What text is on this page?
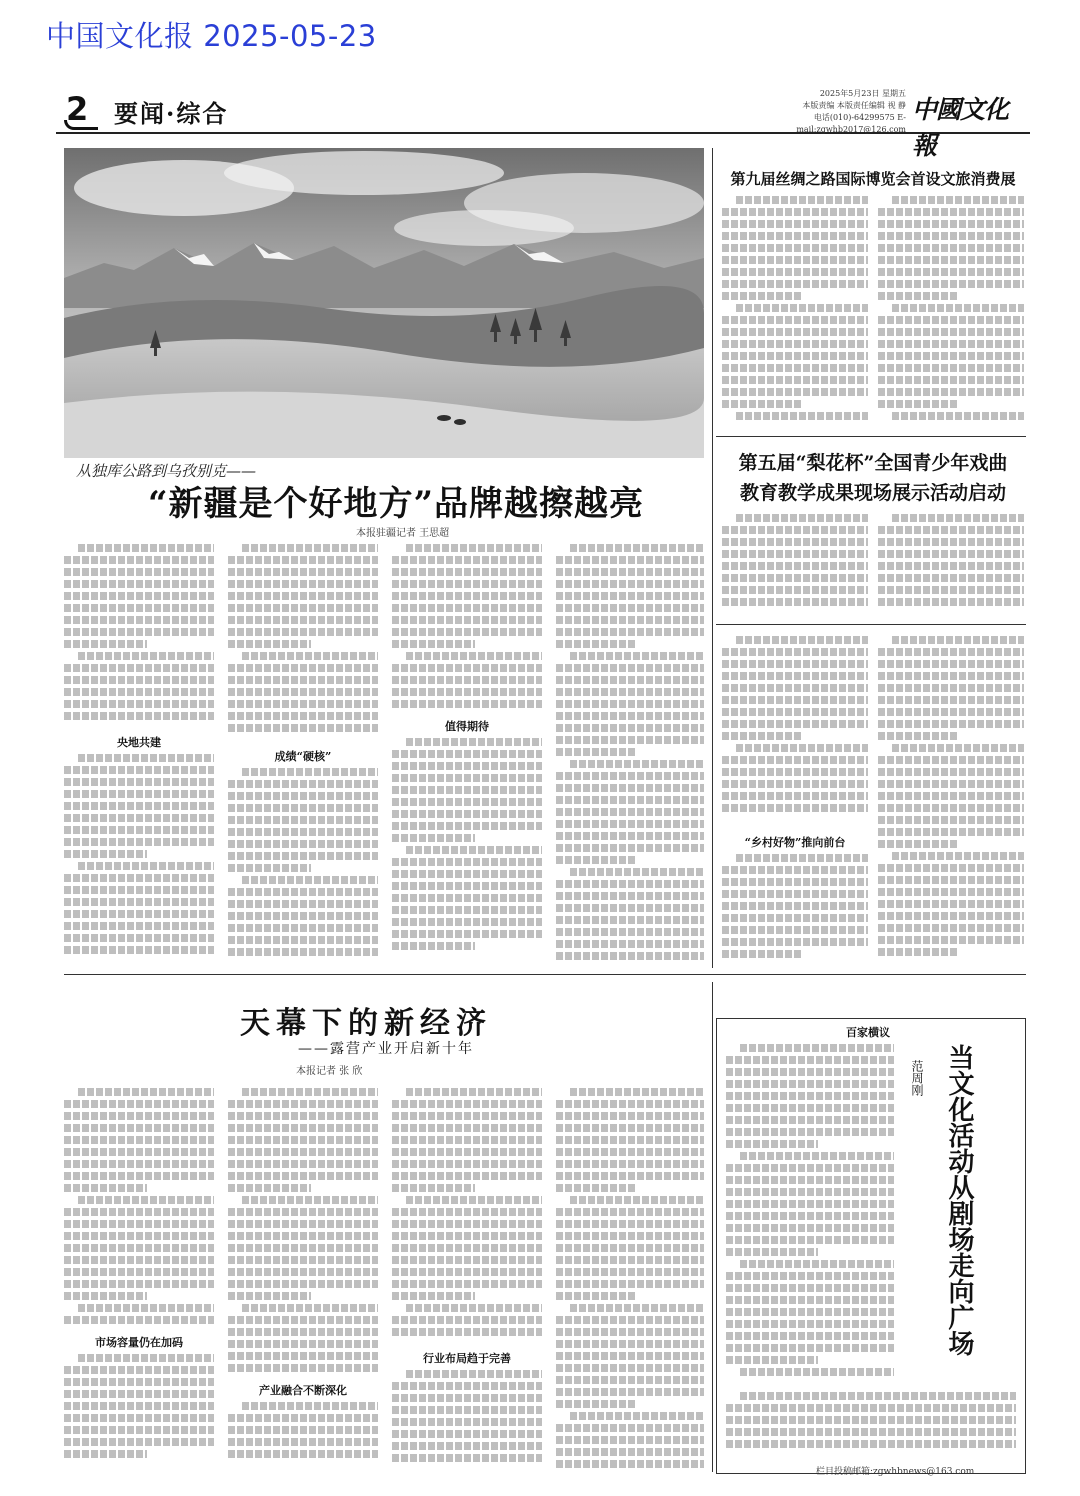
中国文化报 2025-05-23
2 要闻·综合
2025年5月23日 星期五
本版责编 本版责任编辑 视 静
电话(010)-64299575 E-mail:zgwhb2017@126.com
中國文化報
从独库公路到乌孜别克——
“新疆是个好地方”品牌越擦越亮
本报驻疆记者 王思超
央地共建
成绩“硬核”
值得期待
第九届丝绸之路国际博览会首设文旅消费展
第五届“梨花杯”全国青少年戏曲
教育教学成果现场展示活动启动
“乡村好物”推向前台
天幕下的新经济
——露营产业开启新十年
本报记者 张 欣
市场容量仍在加码
产业融合不断深化
行业布局趋于完善
百家横议
当文化活动从剧场走向广场
范周刚
栏目投稿邮箱:zgwhbnews@163.com
